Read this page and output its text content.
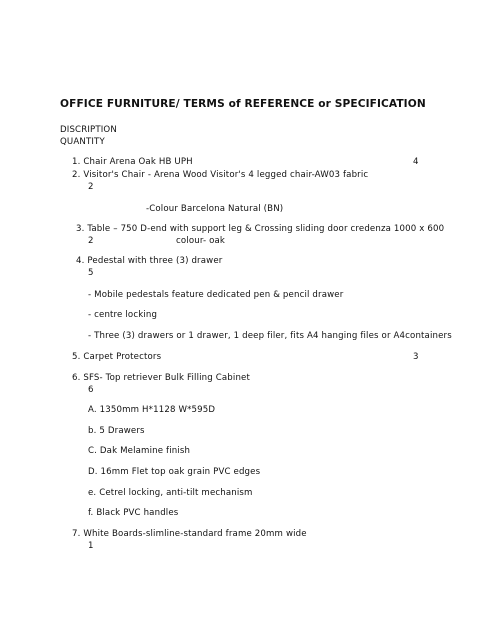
OFFICE FURNITURE/ TERMS of REFERENCE or SPECIFICATION
DISCRIPTION
QUANTITY
1. Chair Arena Oak HB UPH	4
2. Visitor's Chair - Arena Wood Visitor's 4 legged chair-AW03 fabric
2
-Colour Barcelona Natural (BN)
3. Table – 750 D-end with support leg & Crossing sliding door credenza 1000 x 600
2	colour- oak
4. Pedestal with three (3) drawer
5
- Mobile pedestals feature dedicated pen & pencil drawer
- centre locking
- Three (3) drawers or 1 drawer, 1 deep filer, fits A4 hanging files or A4containers
5. Carpet Protectors	3
6. SFS- Top retriever Bulk Filling Cabinet
6
A. 1350mm H*1128 W*595D
b. 5 Drawers
C. Dak Melamine finish
D. 16mm Flet top oak grain PVC edges
e. Cetrel locking, anti-tilt mechanism
f. Black PVC handles
7. White Boards-slimline-standard frame 20mm wide
1
